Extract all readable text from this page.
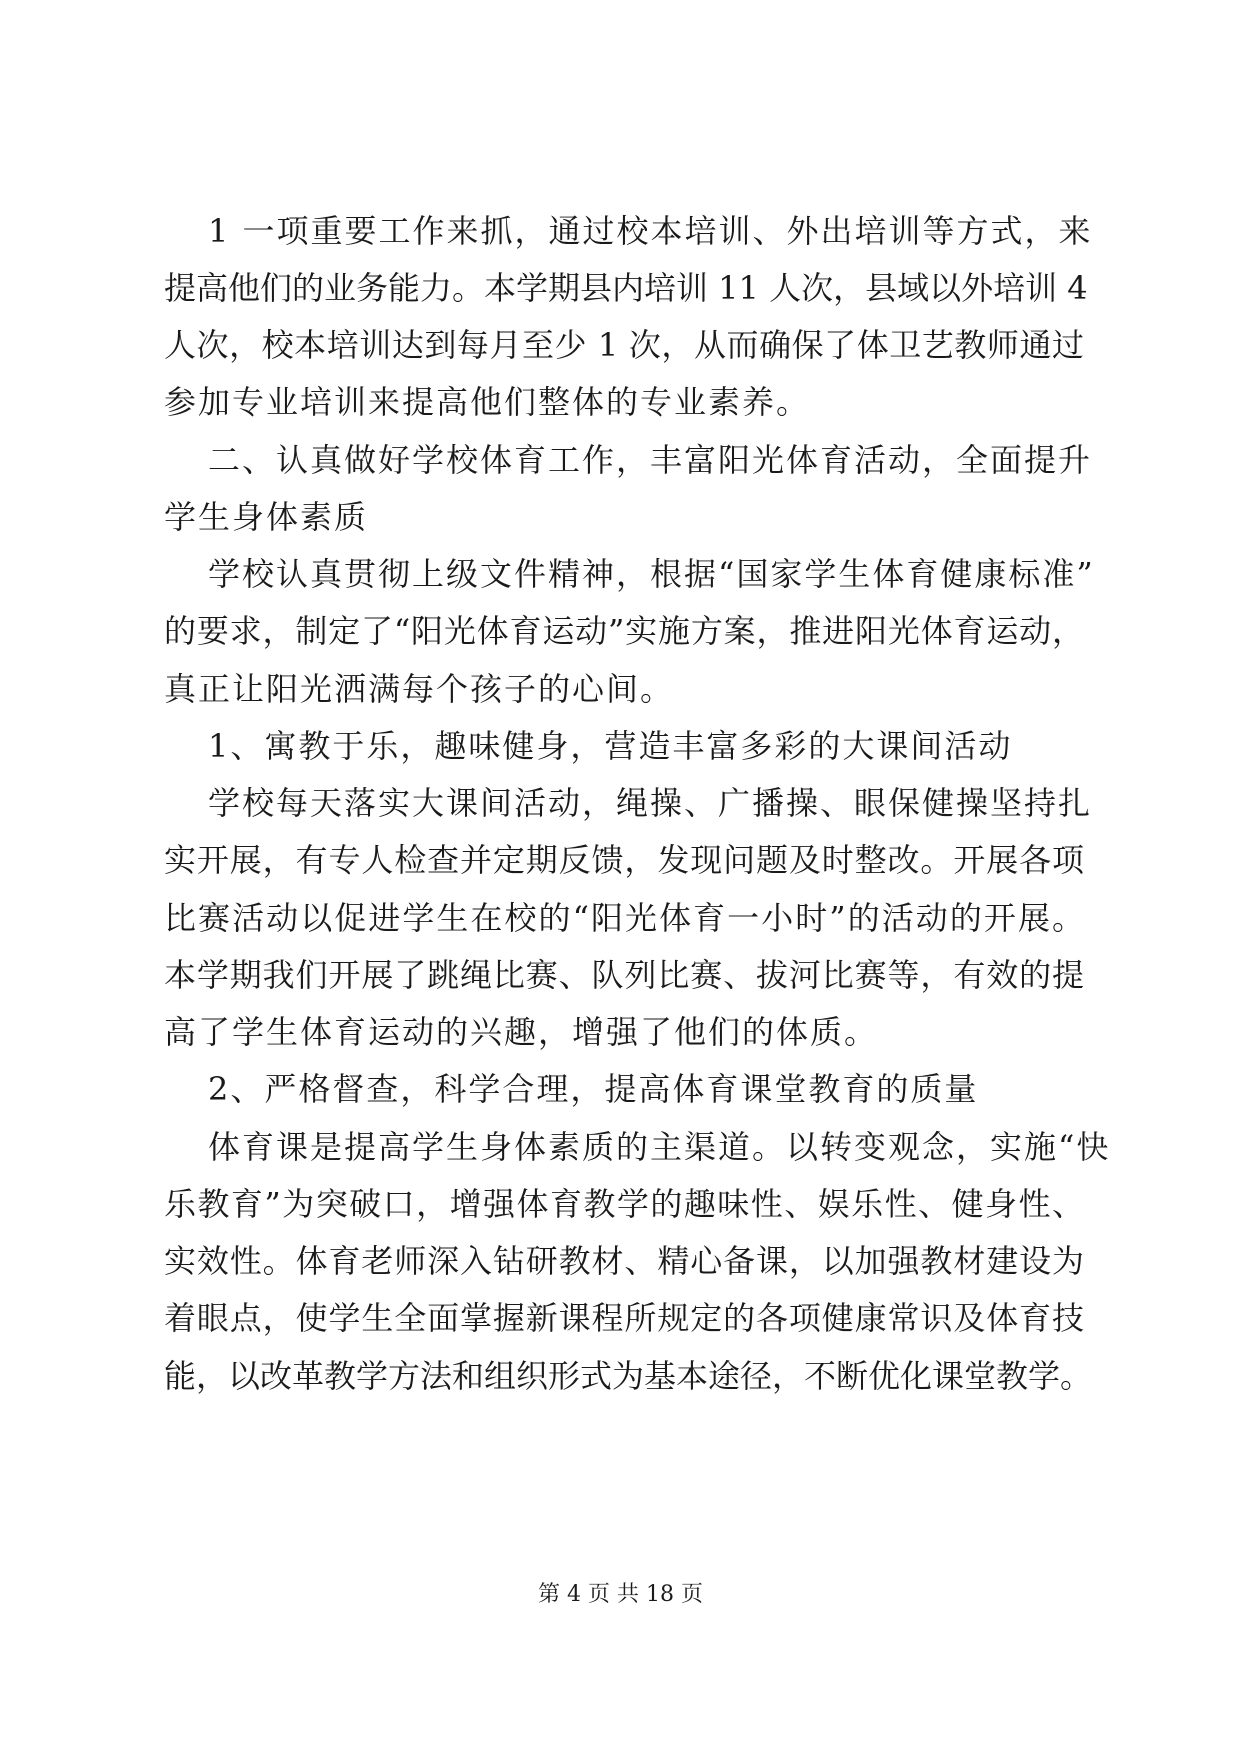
1 一项重要工作来抓，通过校本培训、外出培训等方式，来
提高他们的业务能力。本学期县内培训 11 人次，县域以外培训 4
人次，校本培训达到每月至少 1 次，从而确保了体卫艺教师通过
参加专业培训来提高他们整体的专业素养。
二、认真做好学校体育工作，丰富阳光体育活动，全面提升
学生身体素质
学校认真贯彻上级文件精神，根据“国家学生体育健康标准”
的要求，制定了“阳光体育运动”实施方案，推进阳光体育运动，
真正让阳光洒满每个孩子的心间。
1、寓教于乐，趣味健身，营造丰富多彩的大课间活动
学校每天落实大课间活动，绳操、广播操、眼保健操坚持扎
实开展，有专人检查并定期反馈，发现问题及时整改。开展各项
比赛活动以促进学生在校的“阳光体育一小时”的活动的开展。
本学期我们开展了跳绳比赛、队列比赛、拔河比赛等，有效的提
高了学生体育运动的兴趣，增强了他们的体质。
2、严格督查，科学合理，提高体育课堂教育的质量
体育课是提高学生身体素质的主渠道。以转变观念，实施“快
乐教育”为突破口，增强体育教学的趣味性、娱乐性、健身性、
实效性。体育老师深入钻研教材、精心备课，以加强教材建设为
着眼点，使学生全面掌握新课程所规定的各项健康常识及体育技
能，以改革教学方法和组织形式为基本途径，不断优化课堂教学。
第 4 页 共 18 页
